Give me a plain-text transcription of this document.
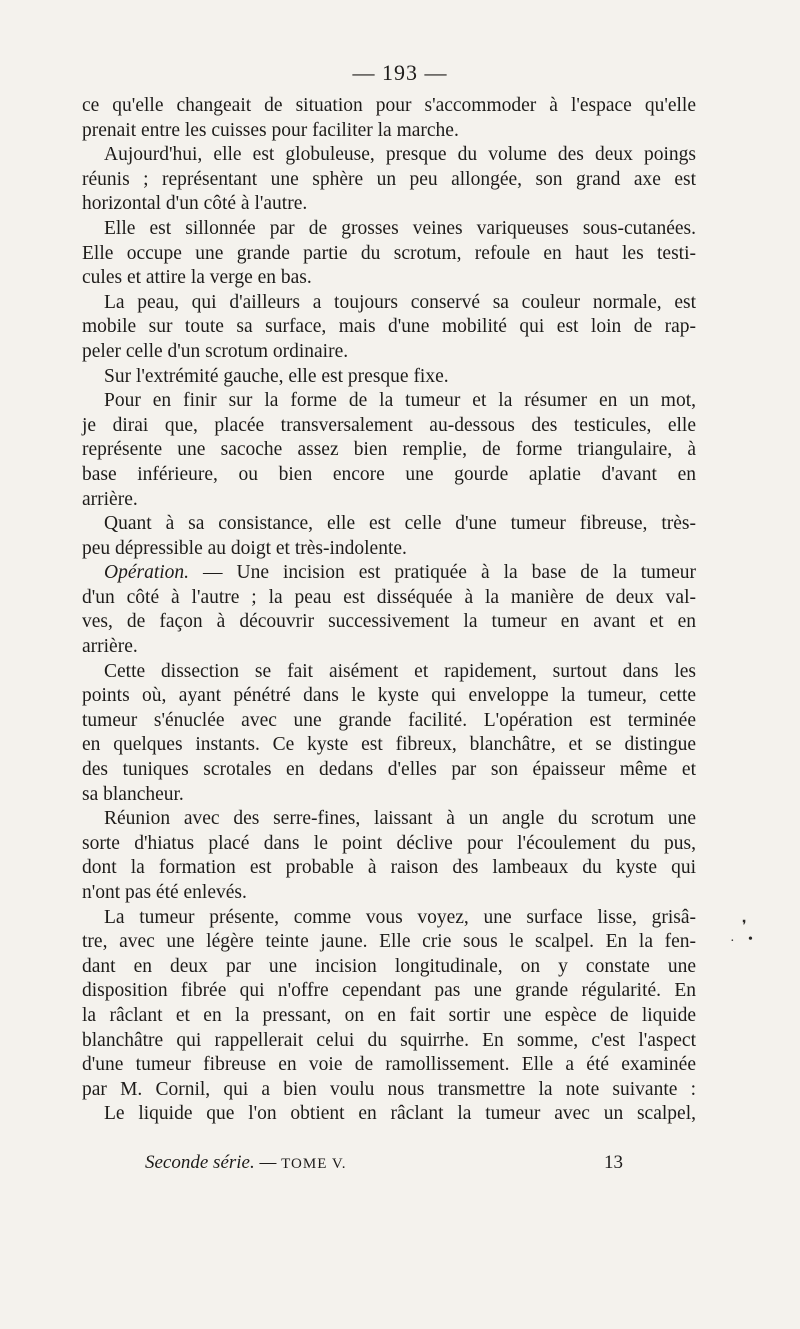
— 193 —
ce qu'elle changeait de situation pour s'accommoder à l'espace qu'elle
prenait entre les cuisses pour faciliter la marche.
Aujourd'hui, elle est globuleuse, presque du volume des deux poings
réunis ; représentant une sphère un peu allongée, son grand axe est
horizontal d'un côté à l'autre.
Elle est sillonnée par de grosses veines variqueuses sous-cutanées.
Elle occupe une grande partie du scrotum, refoule en haut les testi-
cules et attire la verge en bas.
La peau, qui d'ailleurs a toujours conservé sa couleur normale, est
mobile sur toute sa surface, mais d'une mobilité qui est loin de rap-
peler celle d'un scrotum ordinaire.
Sur l'extrémité gauche, elle est presque fixe.
Pour en finir sur la forme de la tumeur et la résumer en un mot,
je dirai que, placée transversalement au-dessous des testicules, elle
représente une sacoche assez bien remplie, de forme triangulaire, à
base inférieure, ou bien encore une gourde aplatie d'avant en
arrière.
Quant à sa consistance, elle est celle d'une tumeur fibreuse, très-
peu dépressible au doigt et très-indolente.
Opération. — Une incision est pratiquée à la base de la tumeur
d'un côté à l'autre ; la peau est disséquée à la manière de deux val-
ves, de façon à découvrir successivement la tumeur en avant et en
arrière.
Cette dissection se fait aisément et rapidement, surtout dans les
points où, ayant pénétré dans le kyste qui enveloppe la tumeur, cette
tumeur s'énuclée avec une grande facilité. L'opération est terminée
en quelques instants. Ce kyste est fibreux, blanchâtre, et se distingue
des tuniques scrotales en dedans d'elles par son épaisseur même et
sa blancheur.
Réunion avec des serre-fines, laissant à un angle du scrotum une
sorte d'hiatus placé dans le point déclive pour l'écoulement du pus,
dont la formation est probable à raison des lambeaux du kyste qui
n'ont pas été enlevés.
La tumeur présente, comme vous voyez, une surface lisse, grisâ-
tre, avec une légère teinte jaune. Elle crie sous le scalpel. En la fen-
dant en deux par une incision longitudinale, on y constate une
disposition fibrée qui n'offre cependant pas une grande régularité. En
la râclant et en la pressant, on en fait sortir une espèce de liquide
blanchâtre qui rappellerait celui du squirrhe. En somme, c'est l'aspect
d'une tumeur fibreuse en voie de ramollissement. Elle a été examinée
par M. Cornil, qui a bien voulu nous transmettre la note suivante :
Le liquide que l'on obtient en râclant la tumeur avec un scalpel,
Seconde série. — TOME V.	13
❜
· •
